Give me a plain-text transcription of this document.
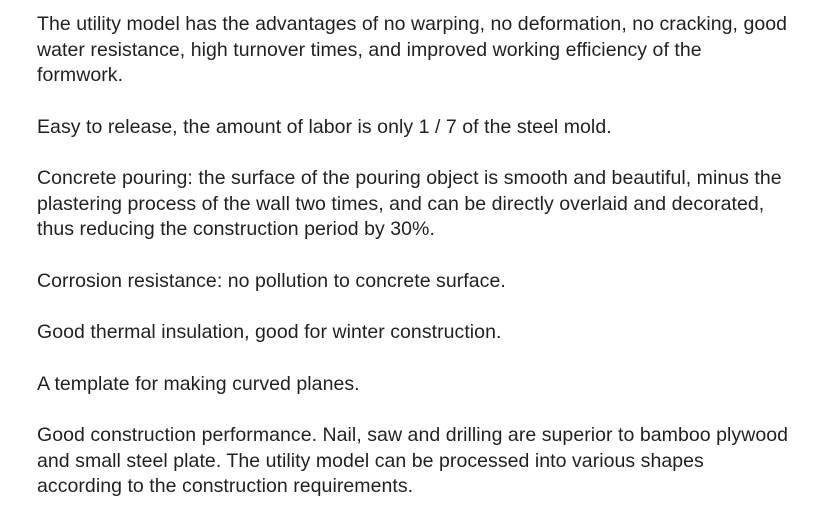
The utility model has the advantages of no warping, no deformation, no cracking, good water resistance, high turnover times, and improved working efficiency of the formwork.

Easy to release, the amount of labor is only 1 / 7 of the steel mold.

Concrete pouring: the surface of the pouring object is smooth and beautiful, minus the plastering process of the wall two times, and can be directly overlaid and decorated, thus reducing the construction period by 30%.

Corrosion resistance: no pollution to concrete surface.

Good thermal insulation, good for winter construction.

A template for making curved planes.

Good construction performance. Nail, saw and drilling are superior to bamboo plywood and small steel plate. The utility model can be processed into various shapes according to the construction requirements.
